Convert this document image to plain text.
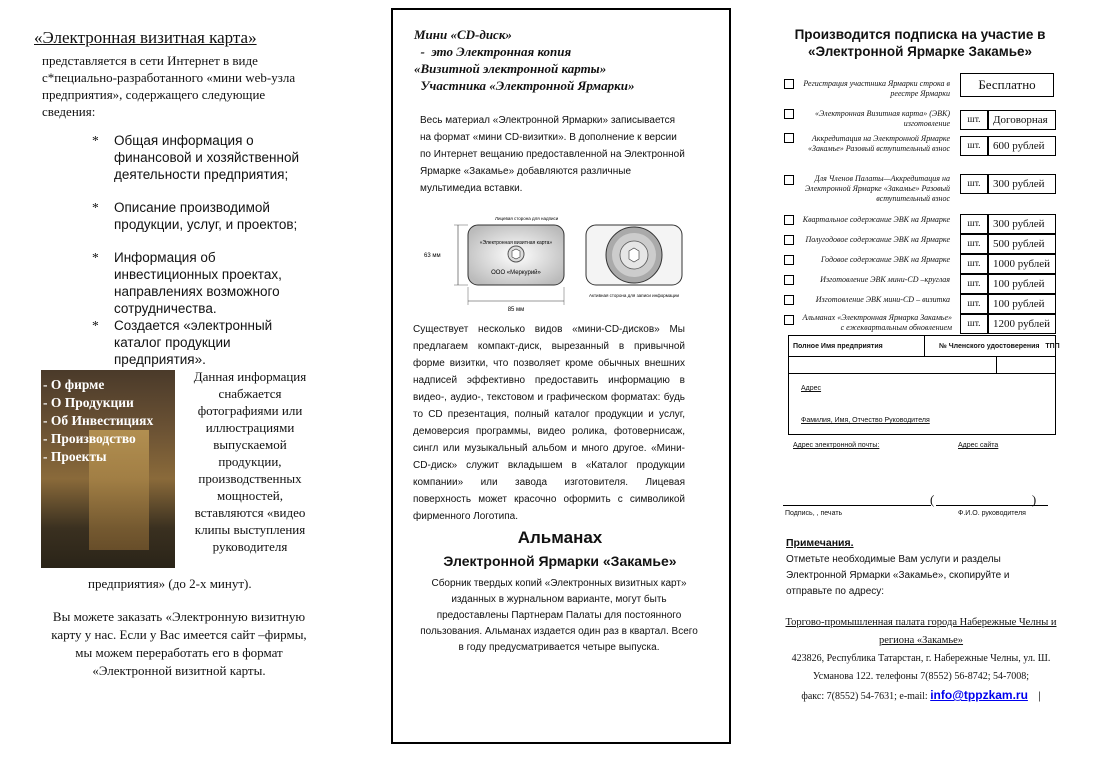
«Электронная визитная карта»
представляется в сети Интернет в виде с*пециально-разработанного «мини web-узла предприятия», содержащего следующие сведения:
* Общая информация о финансовой и хозяйственной деятельности предприятия;
* Описание производимой продукции, услуг, и проектов;
* Информация об инвестиционных проектах, направлениях возможного сотрудничества.
* Создается «электронный каталог продукции предприятия».
- О фирме
- О Продукции
- Об Инвестициях
- Производство
- Проекты
Данная информация снабжается фотографиями или иллюстрациями выпускаемой продукции, производственных мощностей, вставляются «видео клипы выступления руководителя
предприятия» (до 2-х минут).
Вы можете заказать «Электронную визитную карту у нас. Если у Вас имеется сайт –фирмы, мы можем переработать его в формат «Электронной визитной карты.
Мини «CD-диск»
-  это Электронная копия
«Визитной электронной карты»
Участника «Электронной Ярмарки»
Весь материал «Электронной Ярмарки» записывается на формат «мини CD-визитки». В дополнение к версии по Интернет вещанию предоставленной на Электронной Ярмарке «Закамье» добавляются различные мультимедиа вставки.
Лицевая сторона для надписи
«Электронная визитная карта»
ООО «Меркурий»
63 мм
85 мм
Активная сторона для записи информации
Существует несколько видов «мини-CD-дисков» Мы предлагаем компакт-диск, вырезанный в привычной форме визитки, что позволяет кроме обычных внешних надписей эффективно предоставить информацию в видео-, аудио-, текстовом и графическом форматах: будь то CD презентация, полный каталог продукции и услуг, демоверсия программы, видео ролика, фотовернисаж, сингл или музыкальный альбом и много другое. «Мини-CD-диск» служит вкладышем в «Каталог продукции компании» или завода изготовителя. Лицевая поверхность может красочно оформить с символикой фирменного Логотипа.
Альманах
Электронной Ярмарки «Закамье»
Сборник твердых копий «Электронных визитных карт» изданных в журнальном варианте, могут быть предоставлены Партнерам Палаты для постоянного пользования. Альманах издается один раз в квартал. Всего в году предусматривается четыре выпуска.
Производится подписка на участие в «Электронной Ярмарке Закамье»
Регистрация участника Ярмарки строка в реестре Ярмарки
Бесплатно
«Электронная Визитная карта» (ЭВК) изготовление	шт.	Договорная
Аккредитация на Электронной Ярмарке «Закамье» Разовый вступительный взнос	шт.	600 рублей
Для Членов Палаты—Аккредитация на Электронной Ярмарке «Закамье» Разовый вступительный взнос
шт.	300 рублей
Квартальное содержание ЭВК на Ярмарке	шт.	300 рублей
Полугодовое содержание ЭВК на Ярмарке	шт.	500 рублей
Годовое содержание ЭВК на Ярмарке	шт.	1000 рублей
Изготовление ЭВК мини-CD –круглая	шт.	100 рублей
Изготовление ЭВК мини-CD – визитка	шт.	100 рублей
Альманах «Электронная Ярмарка Закамье» с ежеквартальным обновлением	шт.	1200 рублей
Полное Имя предприятия	№ Членского удостоверения   ТПП
Адрес
Фамилия, Имя, Отчество Руководителя
Адрес электронной почты:	Адрес сайта
(                              )
Подпись, , печать	Ф.И.О. руководителя
Примечания.
Отметьте необходимые Вам услуги и разделы Электронной Ярмарки «Закамье», скопируйте и отправьте по адресу:
Торгово-промышленная палата города Набережные Челны и региона «Закамье»
423826, Республика Татарстан, г. Набережные Челны, ул. Ш. Усманова 122. телефоны 7(8552) 56-8742; 54-7008;
факс: 7(8552) 54-7631; e-mail: info@tppzkam.ru |
